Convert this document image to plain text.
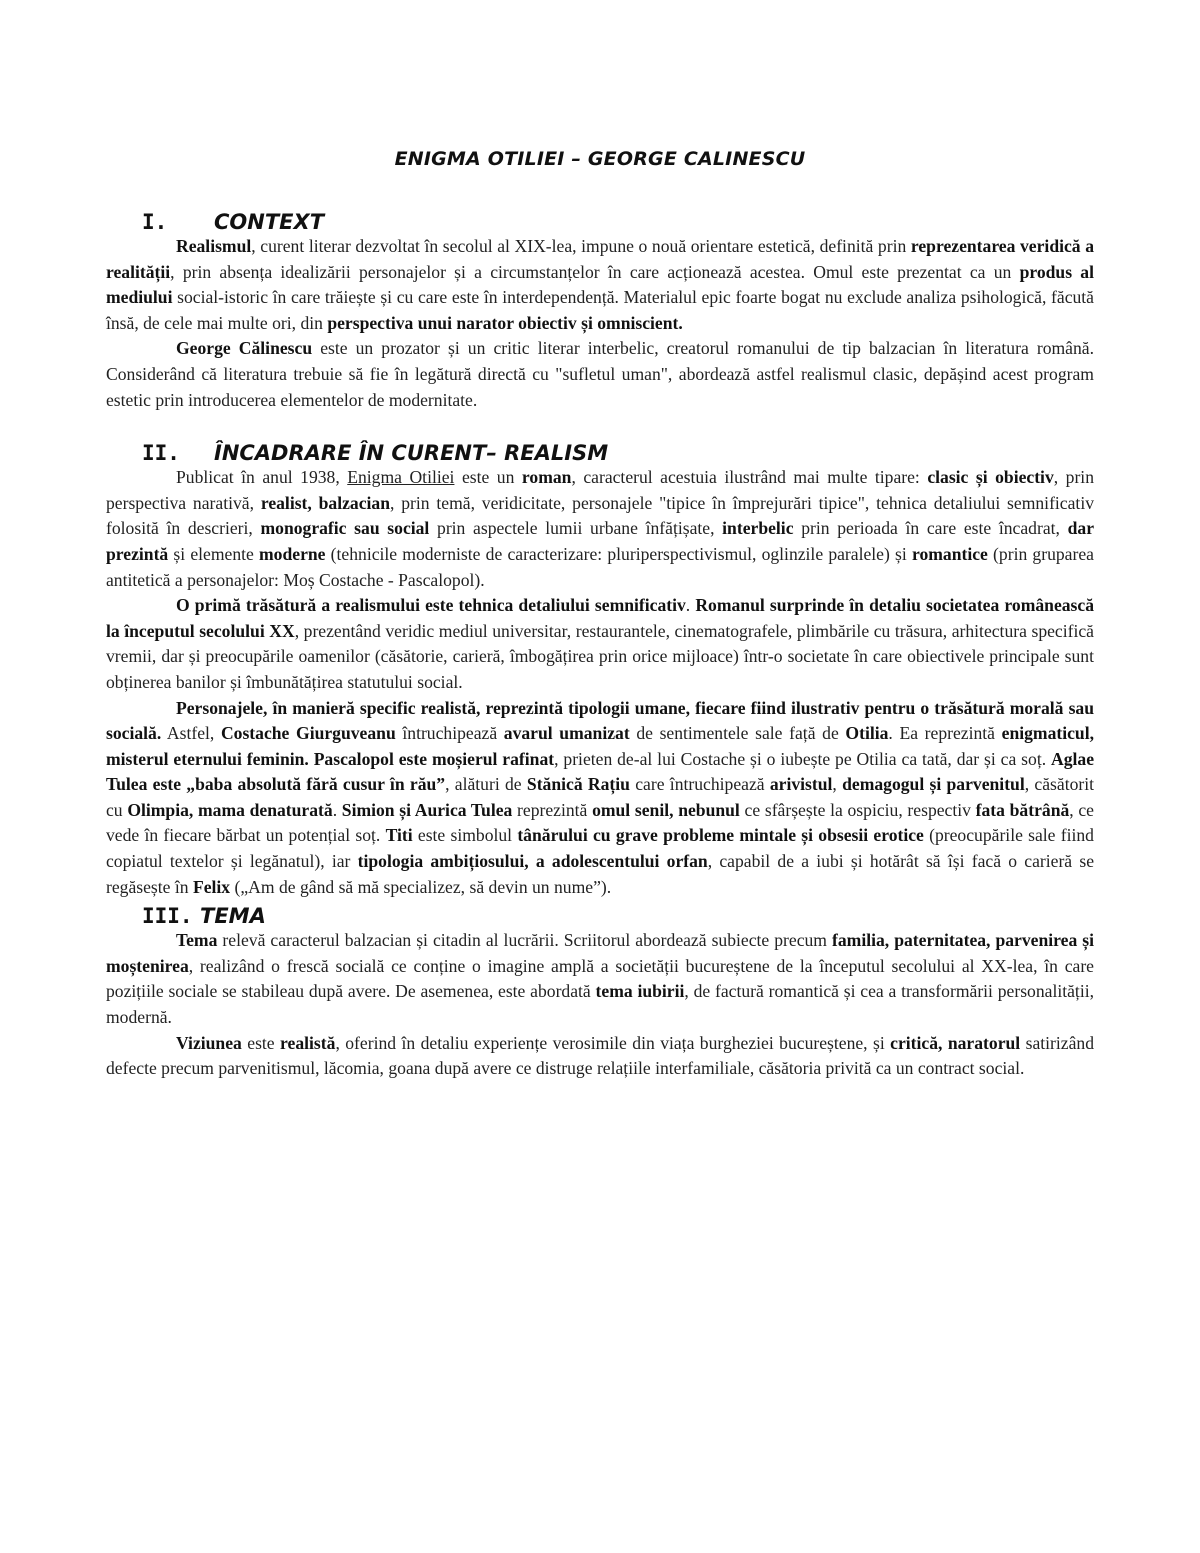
ENIGMA OTILIEI – GEORGE CALINESCU
I.	CONTEXT

Realismul, curent literar dezvoltat în secolul al XIX-lea, impune o nouă orientare estetică, definită prin reprezentarea veridică a realității, prin absența idealizării personajelor și a circumstanțelor în care acționează acestea. Omul este prezentat ca un produs al mediului social-istoric în care trăiește și cu care este în interdependență. Materialul epic foarte bogat nu exclude analiza psihologică, făcută însă, de cele mai multe ori, din perspectiva unui narator obiectiv și omniscient.

George Călinescu este un prozator și un critic literar interbelic, creatorul romanului de tip balzacian în literatura română. Considerând că literatura trebuie să fie în legătură directă cu "sufletul uman", abordează astfel realismul clasic, depășind acest program estetic prin introducerea elementelor de modernitate.

II.	ÎNCADRARE ÎN CURENT– REALISM

Publicat în anul 1938, Enigma Otiliei este un roman, caracterul acestuia ilustrând mai multe tipare: clasic și obiectiv, prin perspectiva narativă, realist, balzacian, prin temă, veridicitate, personajele "tipice în împrejurări tipice", tehnica detaliului semnificativ folosită în descrieri, monografic sau social prin aspectele lumii urbane înfățișate, interbelic prin perioada în care este încadrat, dar prezintă și elemente moderne (tehnicile moderniste de caracterizare: pluriperspectivismul, oglinzile paralele) și romantice (prin gruparea antitetică a personajelor: Moș Costache - Pascalopol).

O primă trăsătură a realismului este tehnica detaliului semnificativ. Romanul surprinde în detaliu societatea românească la începutul secolului XX, prezentând veridic mediul universitar, restaurantele, cinematografele, plimbările cu trăsura, arhitectura specifică vremii, dar și preocupările oamenilor (căsătorie, carieră, îmbogățirea prin orice mijloace) într-o societate în care obiectivele principale sunt obținerea banilor și îmbunătățirea statutului social.

Personajele, în manieră specific realistă, reprezintă tipologii umane, fiecare fiind ilustrativ pentru o trăsătură morală sau socială. Astfel, Costache Giurguveanu întruchipează avarul umanizat de sentimentele sale față de Otilia. Ea reprezintă enigmaticul, misterul eternului feminin. Pascalopol este moșierul rafinat, prieten de-al lui Costache și o iubește pe Otilia ca tată, dar și ca soț. Aglae Tulea este „baba absolută fără cusur în rău”, alături de Stănică Rațiu care întruchipează arivistul, demagogul și parvenitul, căsătorit cu Olimpia, mama denaturată. Simion și Aurica Tulea reprezintă omul senil, nebunul ce sfârșește la ospiciu, respectiv fata bătrână, ce vede în fiecare bărbat un potențial soț. Titi este simbolul tânărului cu grave probleme mintale și obsesii erotice (preocupările sale fiind copiatul textelor și legănatul), iar tipologia ambițiosului, a adolescentului orfan, capabil de a iubi și hotărât să își facă o carieră se regăsește în Felix („Am de gând să mă specializez, să devin un nume”).

III. TEMA

Tema relevă caracterul balzacian și citadin al lucrării. Scriitorul abordează subiecte precum familia, paternitatea, parvenirea și moștenirea, realizând o frescă socială ce conține o imagine amplă a societății bucureștene de la începutul secolului al XX-lea, în care pozițiile sociale se stabileau după avere. De asemenea, este abordată tema iubirii, de factură romantică și cea a transformării personalității, modernă.

Viziunea este realistă, oferind în detaliu experiențe verosimile din viața burgheziei bucureștene, și critică, naratorul satirizând defecte precum parvenitismul, lăcomia, goana după avere ce distruge relațiile interfamiliale, căsătoria privită ca un contract social.
